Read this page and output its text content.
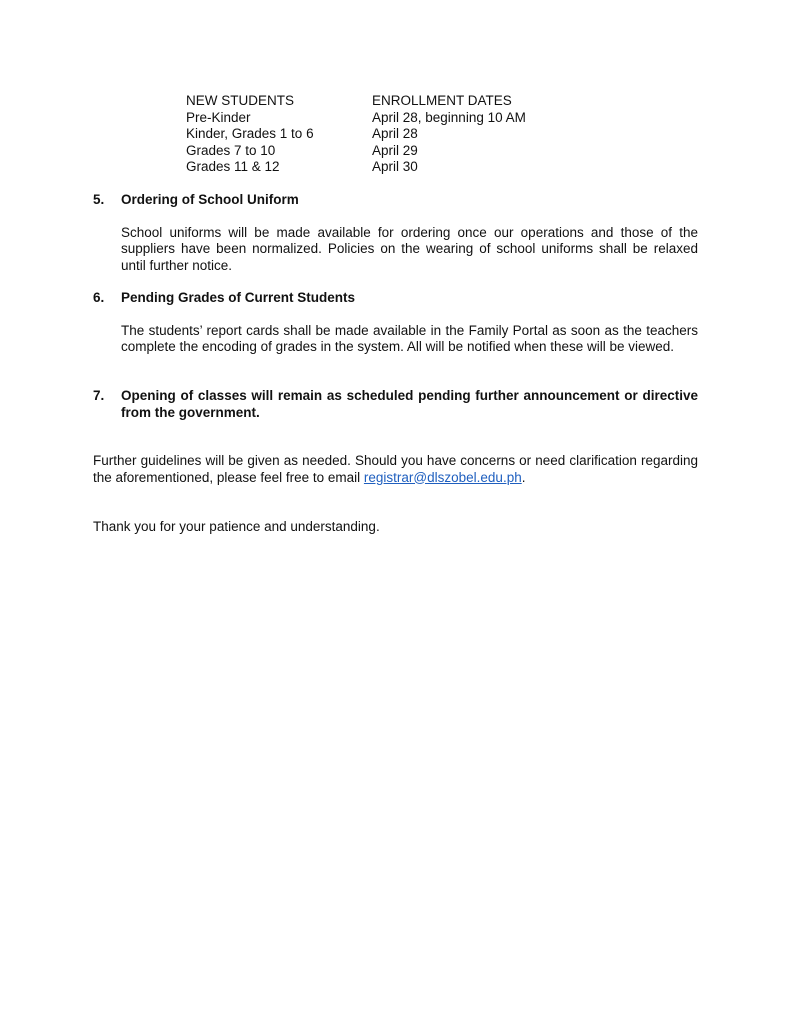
NEW STUDENTS	ENROLLMENT DATES
Pre-Kinder	April 28, beginning 10 AM
Kinder, Grades 1 to 6	April 28
Grades 7 to 10	April 29
Grades 11 & 12	April 30
5. Ordering of School Uniform
School uniforms will be made available for ordering once our operations and those of the suppliers have been normalized. Policies on the wearing of school uniforms shall be relaxed until further notice.
6. Pending Grades of Current Students
The students’ report cards shall be made available in the Family Portal as soon as the teachers complete the encoding of grades in the system. All will be notified when these will be viewed.
7. Opening of classes will remain as scheduled pending further announcement or directive from the government.
Further guidelines will be given as needed. Should you have concerns or need clarification regarding the aforementioned, please feel free to email registrar@dlszobel.edu.ph.
Thank you for your patience and understanding.
